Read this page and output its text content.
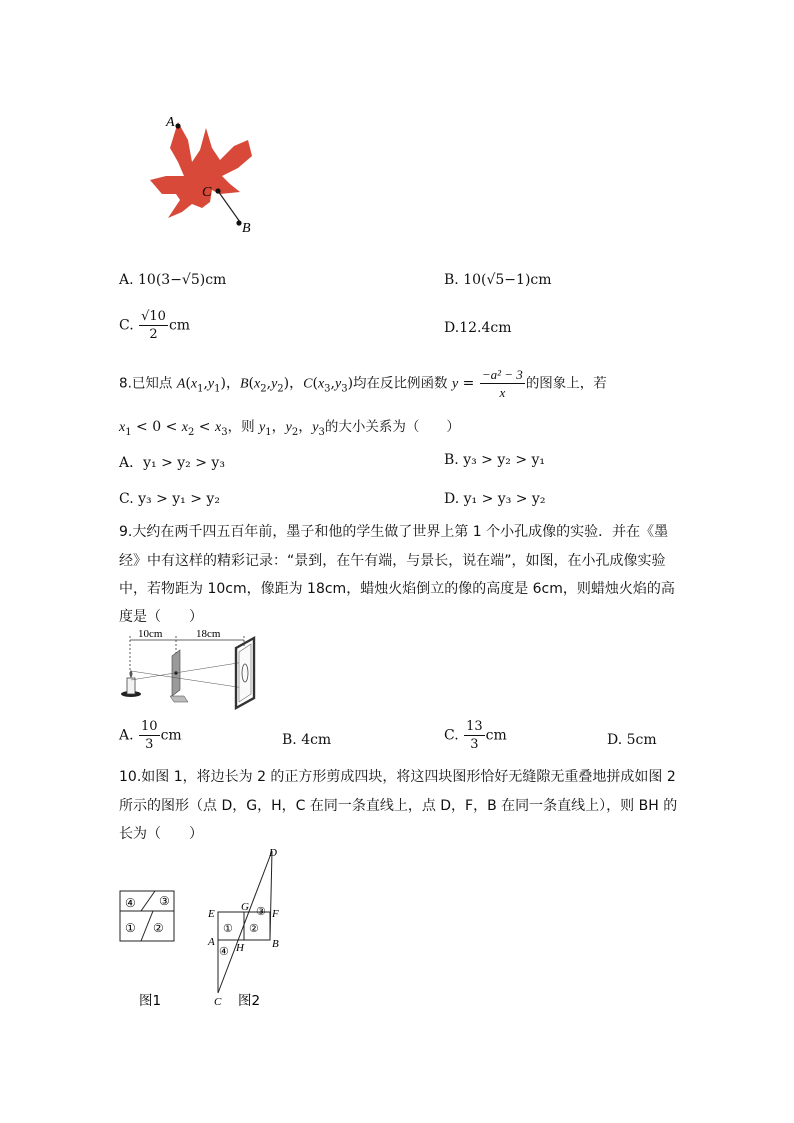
A
C
B
A. 10(3−√5)cm	B. 10(√5−1)cm
C. $\frac{√10}{2}$ cm	D.12.4cm
8.已知点 $A(x_1,y_1)$，$B(x_2,y_2)$，$C(x_3,y_3)$均在反比例函数 $y = \frac{\text{−a² − 3}}{x}$ 的图象上，若
$x_1 < 0 < x_2 < x_3$，则 $y_1$，$y_2$，$y_3$的大小关系为（　　）
A．y₁ > y₂ > y₃	B. y₃ > y₂ > y₁
C. y₃ > y₁ > y₂	D. y₁ > y₃ > y₂
9.大约在两千四五百年前，墨子和他的学生做了世界上第 1 个小孔成像的实验．并在《墨
经》中有这样的精彩记录：“景到，在午有端，与景长，说在端”，如图，在小孔成像实验
中，若物距为 10cm，像距为 18cm，蜡烛火焰倒立的像的高度是 6cm，则蜡烛火焰的高
度是（　　）
10cm	18cm
A. $\frac{10}{3}$ cm	B. 4cm	C. $\frac{13}{3}$ cm	D. 5cm
10.如图 1，将边长为 2 的正方形剪成四块，将这四块图形恰好无缝隙无重叠地拼成如图 2
所示的图形（点 D，G，H，C 在同一条直线上，点 D，F，B 在同一条直线上），则 BH 的
长为（　　）
④ ③
① ②
图1
D
G
F
E
A	B
H
C
③
① ②
④
图2
